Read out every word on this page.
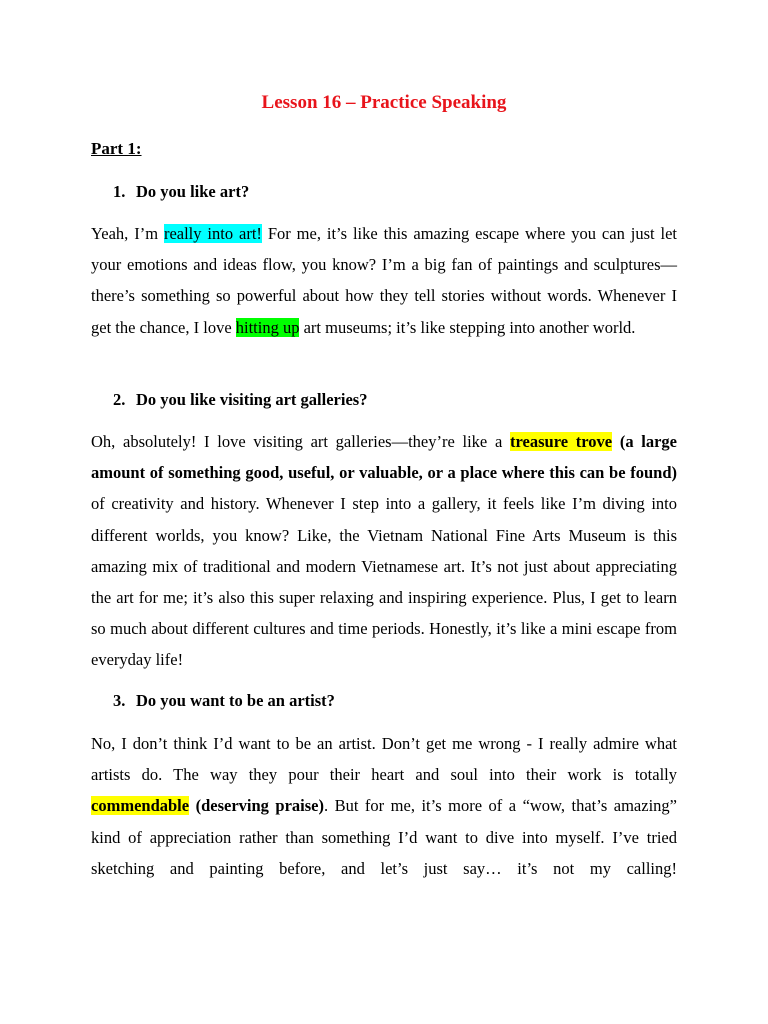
Lesson 16 – Practice Speaking
Part 1:
1. Do you like art?
Yeah, I’m really into art! For me, it’s like this amazing escape where you can just let your emotions and ideas flow, you know? I’m a big fan of paintings and sculptures—there’s something so powerful about how they tell stories without words. Whenever I get the chance, I love hitting up art museums; it’s like stepping into another world.
2. Do you like visiting art galleries?
Oh, absolutely! I love visiting art galleries—they’re like a treasure trove (a large amount of something good, useful, or valuable, or a place where this can be found) of creativity and history. Whenever I step into a gallery, it feels like I’m diving into different worlds, you know? Like, the Vietnam National Fine Arts Museum is this amazing mix of traditional and modern Vietnamese art. It’s not just about appreciating the art for me; it’s also this super relaxing and inspiring experience. Plus, I get to learn so much about different cultures and time periods. Honestly, it’s like a mini escape from everyday life!
3. Do you want to be an artist?
No, I don’t think I’d want to be an artist. Don’t get me wrong - I really admire what artists do. The way they pour their heart and soul into their work is totally commendable (deserving praise). But for me, it’s more of a “wow, that’s amazing” kind of appreciation rather than something I’d want to dive into myself. I’ve tried sketching and painting before, and let’s just say… it’s not my calling!
